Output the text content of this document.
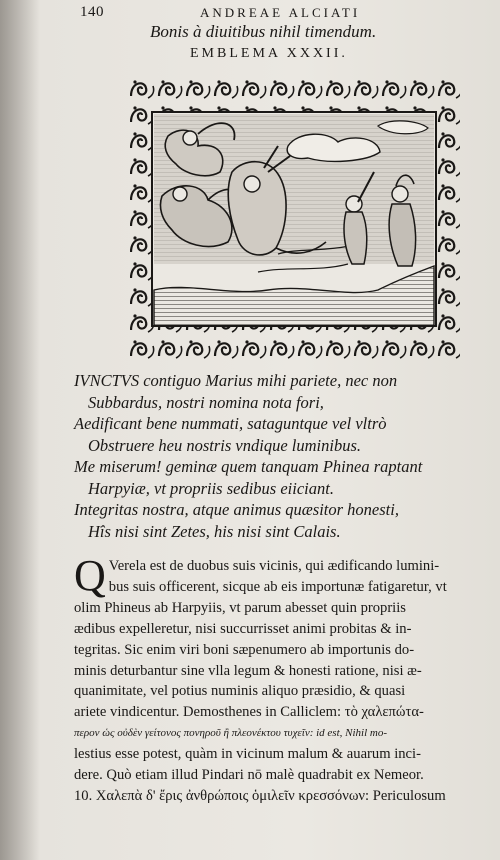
140	ANDREAE ALCIATI
Bonis à diuitibus nihil timendum.
EMBLEMA XXXII.
IVNCTVS contiguo Marius mihi pariete, nec non
Subbardus, nostri nomina nota fori,
Aedificant bene nummati, sataguntque vel vltrò
Obstruere heu nostris vndique luminibus.
Me miserum! geminæ quem tanquam Phinea raptant
Harpyiæ, vt propriis sedibus eiiciant.
Integritas nostra, atque animus quæsitor honesti,
Hîs nisi sint Zetes, his nisi sint Calais.
Q Verela est de duobus suis vicinis, qui ædificando lumini-
bus suis officerent, sicque ab eis importunæ fatigaretur, vt
olim Phineus ab Harpyiis, vt parum abesset quin propriis
ædibus expelleretur, nisi succurrisset animi probitas & in-
tegritas. Sic enim viri boni sæpenumero ab importunis do-
minis deturbantur sine vlla legum & honesti ratione, nisi æ-
quanimitate, vel potius numinis aliquo præsidio, & quasi
ariete vindicentur. Demosthenes in Calliclem: τὸ χαλεπώτα-
περον ὡς οὐδὲν γείτονος πονηροῦ ἢ πλεονέκτου τυχεῖν: id est, Nihil mo-
lestius esse potest, quàm in vicinum malum & auarum inci-
dere. Quò etiam illud Pindari nō malè quadrabit ex Nemeor.
10. Χαλεπὰ δ' ἔρις ἀνθρώποις ὁμιλεῖν κρεσσόνων: Periculosum
